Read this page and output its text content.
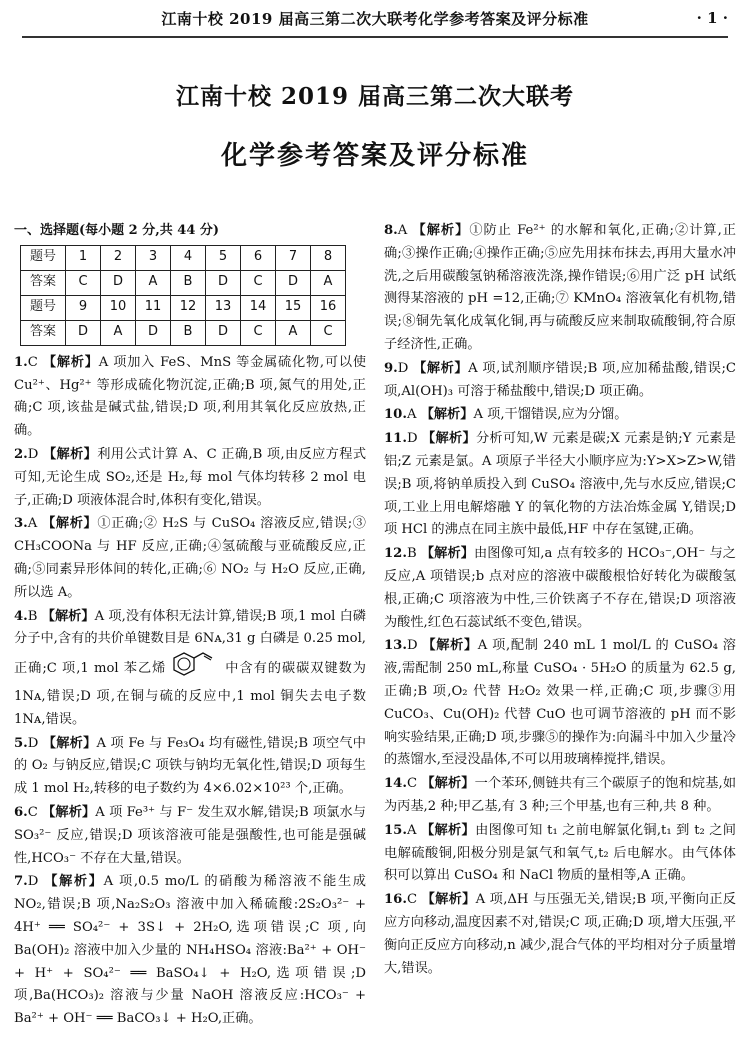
江南十校 2019 届高三第二次大联考化学参考答案及评分标准	· 1 ·
江南十校 2019 届高三第二次大联考
化学参考答案及评分标准
一、选择题(每小题 2 分,共 44 分)
题号	1	2	3	4	5	6	7	8
答案	C	D	A	B	D	C	D	A
题号	9	10	11	12	13	14	15	16
答案	D	A	D	B	D	C	A	C
1.C 【解析】A 项加入 FeS、MnS 等金属硫化物,可以使 Cu²⁺、Hg²⁺ 等形成硫化物沉淀,正确;B 项,氮气的用处,正确;C 项,该盐是碱式盐,错误;D 项,利用其氧化反应放热,正确。
2.D 【解析】利用公式计算 A、C 正确,B 项,由反应方程式可知,无论生成 SO₂,还是 H₂,每 mol 气体均转移 2 mol 电子,正确;D 项液体混合时,体积有变化,错误。
3.A 【解析】①正确;② H₂S 与 CuSO₄ 溶液反应,错误;③ CH₃COONa 与 HF 反应,正确;④氢硫酸与亚硫酸反应,正确;⑤同素异形体间的转化,正确;⑥ NO₂ 与 H₂O 反应,正确,所以选 A。
4.B 【解析】A 项,没有体积无法计算,错误;B 项,1 mol 白磷分子中,含有的共价单键数目是 6Nᴀ,31 g 白磷是 0.25 mol,正确;C 项,1 mol 苯乙烯	中含有的碳碳双键数为 1Nᴀ,错误;D 项,在铜与硫的反应中,1 mol 铜失去电子数 1Nᴀ,错误。
5.D 【解析】A 项 Fe 与 Fe₃O₄ 均有磁性,错误;B 项空气中的 O₂ 与钠反应,错误;C 项铁与钠均无氧化性,错误;D 项每生成 1 mol H₂,转移的电子数约为 4×6.02×10²³ 个,正确。
6.C 【解析】A 项 Fe³⁺ 与 F⁻ 发生双水解,错误;B 项氯水与 SO₃²⁻ 反应,错误;D 项该溶液可能是强酸性,也可能是强碱性,HCO₃⁻ 不存在大量,错误。
7.D 【解析】A 项,0.5 mo/L 的硝酸为稀溶液不能生成 NO₂,错误;B 项,Na₂S₂O₃ 溶液中加入稀硫酸:2S₂O₃²⁻ + 4H⁺ ══ SO₄²⁻ + 3S↓ + 2H₂O,选项错误;C 项,向 Ba(OH)₂ 溶液中加入少量的 NH₄HSO₄ 溶液:Ba²⁺ + OH⁻ + H⁺ + SO₄²⁻ ══ BaSO₄↓ + H₂O,选项错误;D 项,Ba(HCO₃)₂ 溶液与少量 NaOH 溶液反应:HCO₃⁻ + Ba²⁺ + OH⁻ ══ BaCO₃↓ + H₂O,正确。
8.A 【解析】①防止 Fe²⁺ 的水解和氧化,正确;②计算,正确;③操作正确;④操作正确;⑤应先用抹布抹去,再用大量水冲洗,之后用碳酸氢钠稀溶液洗涤,操作错误;⑥用广泛 pH 试纸测得某溶液的 pH =12,正确;⑦ KMnO₄ 溶液氧化有机物,错误;⑧铜先氧化成氧化铜,再与硫酸反应来制取硫酸铜,符合原子经济性,正确。
9.D 【解析】A 项,试剂顺序错误;B 项,应加稀盐酸,错误;C 项,Al(OH)₃ 可溶于稀盐酸中,错误;D 项正确。
10.A 【解析】A 项,干馏错误,应为分馏。
11.D 【解析】分析可知,W 元素是碳;X 元素是钠;Y 元素是铝;Z 元素是氯。A 项原子半径大小顺序应为:Y>X>Z>W,错误;B 项,将钠单质投入到 CuSO₄ 溶液中,先与水反应,错误;C 项,工业上用电解熔融 Y 的氧化物的方法冶炼金属 Y,错误;D 项 HCl 的沸点在同主族中最低,HF 中存在氢键,正确。
12.B 【解析】由图像可知,a 点有较多的 HCO₃⁻,OH⁻ 与之反应,A 项错误;b 点对应的溶液中碳酸根恰好转化为碳酸氢根,正确;C 项溶液为中性,三价铁离子不存在,错误;D 项溶液为酸性,红色石蕊试纸不变色,错误。
13.D 【解析】A 项,配制 240 mL 1 mol/L 的 CuSO₄ 溶液,需配制 250 mL,称量 CuSO₄ · 5H₂O 的质量为 62.5 g,正确;B 项,O₂ 代替 H₂O₂ 效果一样,正确;C 项,步骤③用 CuCO₃、Cu(OH)₂ 代替 CuO 也可调节溶液的 pH 而不影响实验结果,正确;D 项,步骤⑤的操作为:向漏斗中加入少量冷的蒸馏水,至浸没晶体,不可以用玻璃棒搅拌,错误。
14.C 【解析】一个苯环,侧链共有三个碳原子的饱和烷基,如为丙基,2 种;甲乙基,有 3 种;三个甲基,也有三种,共 8 种。
15.A 【解析】由图像可知 t₁ 之前电解氯化铜,t₁ 到 t₂ 之间电解硫酸铜,阳极分别是氯气和氧气,t₂ 后电解水。由气体体积可以算出 CuSO₄ 和 NaCl 物质的量相等,A 正确。
16.C 【解析】A 项,ΔH 与压强无关,错误;B 项,平衡向正反应方向移动,温度因素不对,错误;C 项,正确;D 项,增大压强,平衡向正反应方向移动,n 减少,混合气体的平均相对分子质量增大,错误。
